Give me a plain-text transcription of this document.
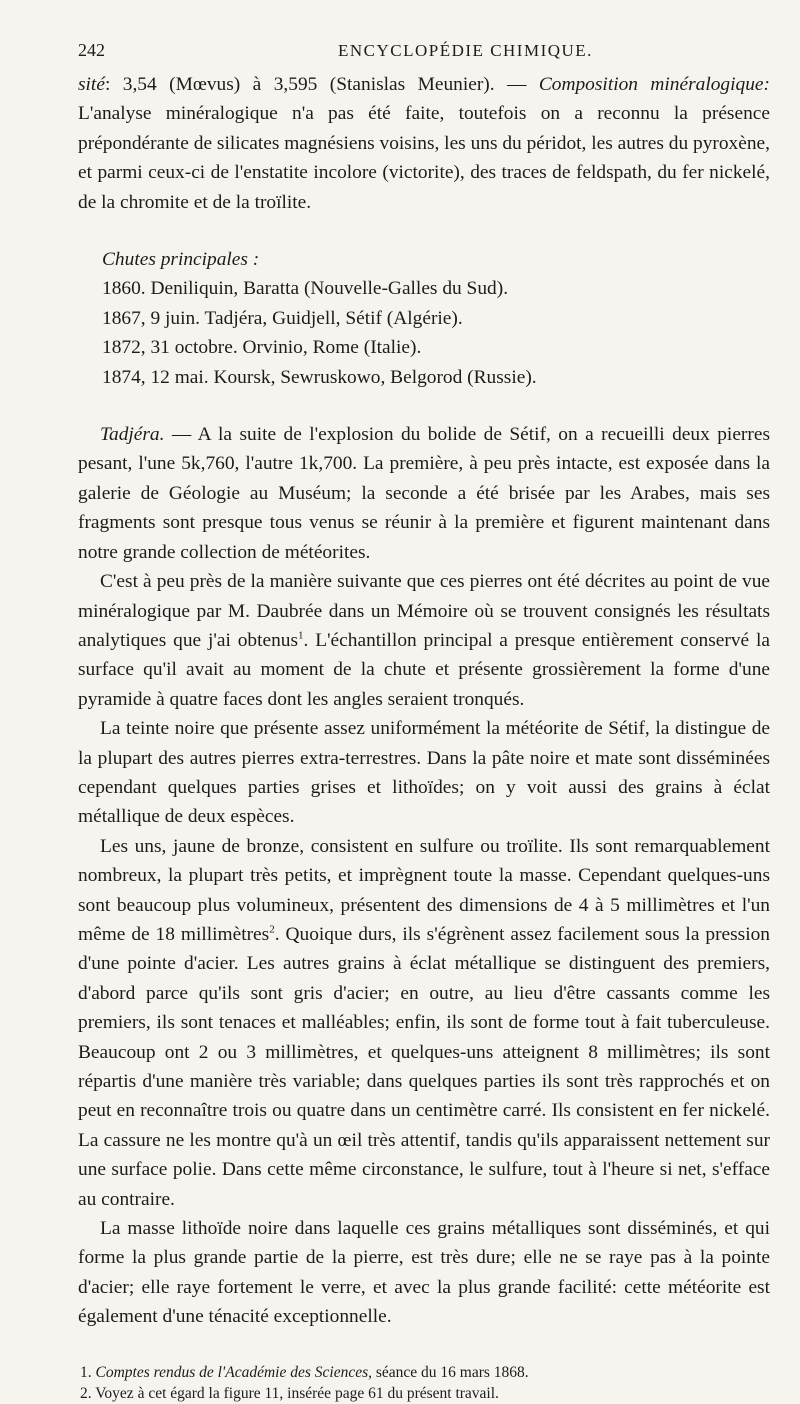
242	ENCYCLOPÉDIE CHIMIQUE.

sité: 3,54 (Mœvus) à 3,595 (Stanislas Meunier). — Composition minéralogique: L'analyse minéralogique n'a pas été faite, toutefois on a reconnu la présence prépondérante de silicates magnésiens voisins, les uns du péridot, les autres du pyroxène, et parmi ceux-ci de l'enstatite incolore (victorite), des traces de feldspath, du fer nickelé, de la chromite et de la troïlite.

Chutes principales :
1860. Deniliquin, Baratta (Nouvelle-Galles du Sud).
1867, 9 juin. Tadjéra, Guidjell, Sétif (Algérie).
1872, 31 octobre. Orvinio, Rome (Italie).
1874, 12 mai. Koursk, Sewruskowo, Belgorod (Russie).

Tadjéra. — A la suite de l'explosion du bolide de Sétif, on a recueilli deux pierres pesant, l'une 5k,760, l'autre 1k,700. La première, à peu près intacte, est exposée dans la galerie de Géologie au Muséum; la seconde a été brisée par les Arabes, mais ses fragments sont presque tous venus se réunir à la première et figurent maintenant dans notre grande collection de météorites.

C'est à peu près de la manière suivante que ces pierres ont été décrites au point de vue minéralogique par M. Daubrée dans un Mémoire où se trouvent consignés les résultats analytiques que j'ai obtenus$^1$. L'échantillon principal a presque entièrement conservé la surface qu'il avait au moment de la chute et présente grossièrement la forme d'une pyramide à quatre faces dont les angles seraient tronqués.

La teinte noire que présente assez uniformément la météorite de Sétif, la distingue de la plupart des autres pierres extra-terrestres. Dans la pâte noire et mate sont disséminées cependant quelques parties grises et lithoïdes; on y voit aussi des grains à éclat métallique de deux espèces.

Les uns, jaune de bronze, consistent en sulfure ou troïlite. Ils sont remarquablement nombreux, la plupart très petits, et imprègnent toute la masse. Cependant quelques-uns sont beaucoup plus volumineux, présentent des dimensions de 4 à 5 millimètres et l'un même de 18 millimètres$^2$. Quoique durs, ils s'égrènent assez facilement sous la pression d'une pointe d'acier. Les autres grains à éclat métallique se distinguent des premiers, d'abord parce qu'ils sont gris d'acier; en outre, au lieu d'être cassants comme les premiers, ils sont tenaces et malléables; enfin, ils sont de forme tout à fait tuberculeuse. Beaucoup ont 2 ou 3 millimètres, et quelques-uns atteignent 8 millimètres; ils sont répartis d'une manière très variable; dans quelques parties ils sont très rapprochés et on peut en reconnaître trois ou quatre dans un centimètre carré. Ils consistent en fer nickelé. La cassure ne les montre qu'à un œil très attentif, tandis qu'ils apparaissent nettement sur une surface polie. Dans cette même circonstance, le sulfure, tout à l'heure si net, s'efface au contraire.

La masse lithoïde noire dans laquelle ces grains métalliques sont disséminés, et qui forme la plus grande partie de la pierre, est très dure; elle ne se raye pas à la pointe d'acier; elle raye fortement le verre, et avec la plus grande facilité: cette météorite est également d'une ténacité exceptionnelle.

1. Comptes rendus de l'Académie des Sciences, séance du 16 mars 1868.
2. Voyez à cet égard la figure 11, insérée page 61 du présent travail.
